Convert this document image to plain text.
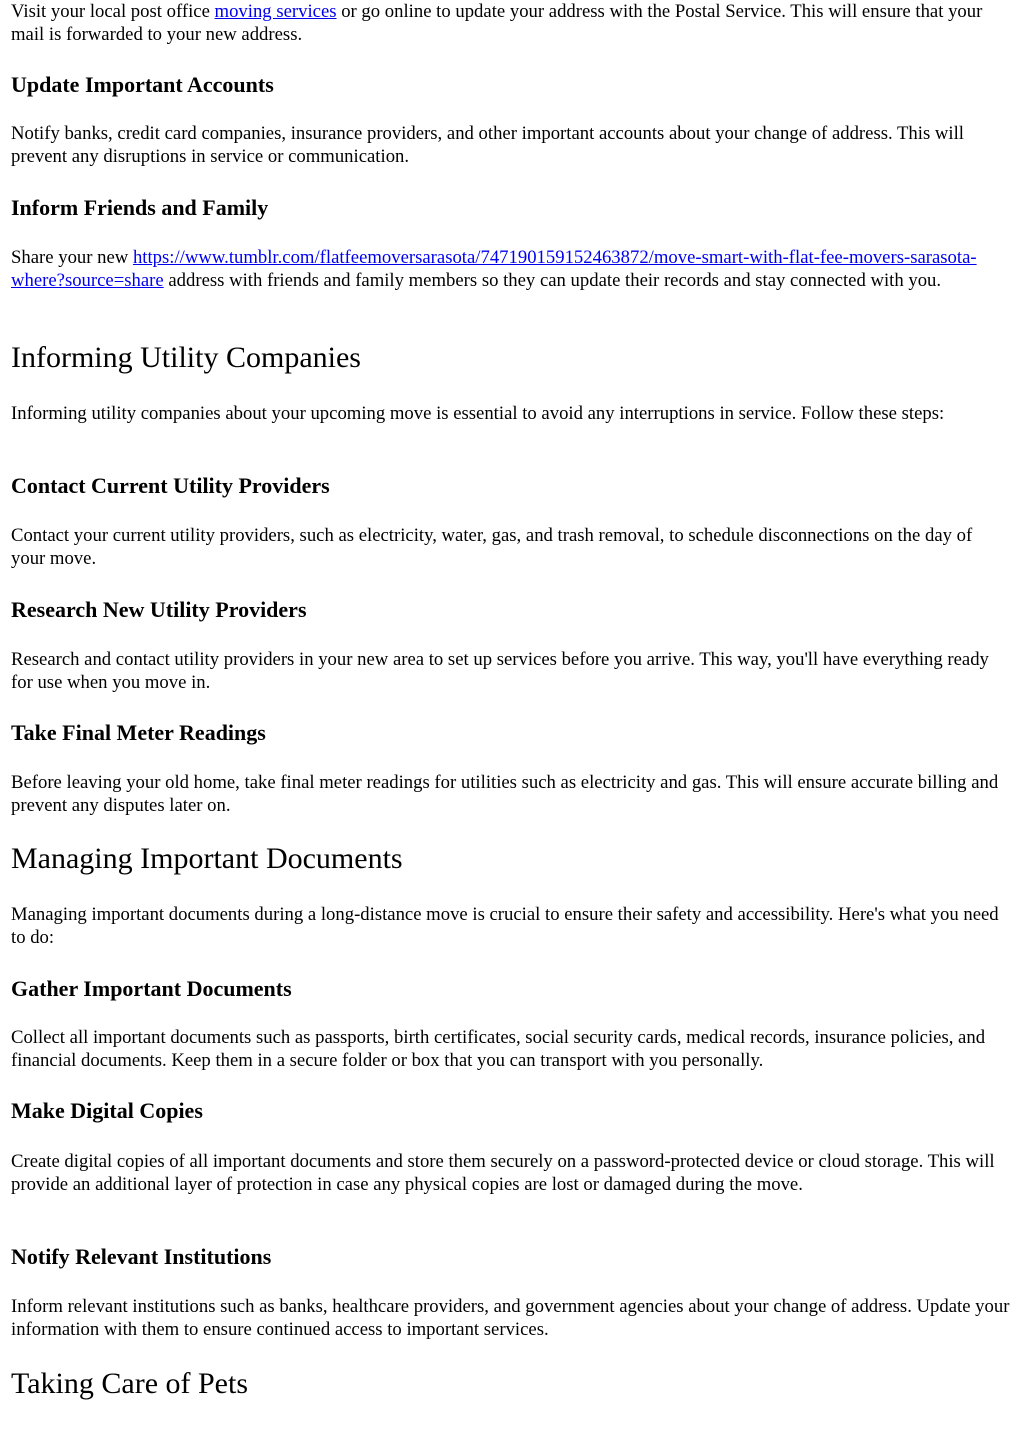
Visit your local post office moving services or go online to update your address with the Postal Service. This will ensure that your mail is forwarded to your new address.

Update Important Accounts

Notify banks, credit card companies, insurance providers, and other important accounts about your change of address. This will prevent any disruptions in service or communication.

Inform Friends and Family

Share your new https://www.tumblr.com/flatfeemoversarasota/747190159152463872/move-smart-with-flat-fee-movers-sarasota-where?source=share address with friends and family members so they can update their records and stay connected with you.

Informing Utility Companies

Informing utility companies about your upcoming move is essential to avoid any interruptions in service. Follow these steps:

Contact Current Utility Providers

Contact your current utility providers, such as electricity, water, gas, and trash removal, to schedule disconnections on the day of your move.

Research New Utility Providers

Research and contact utility providers in your new area to set up services before you arrive. This way, you'll have everything ready for use when you move in.

Take Final Meter Readings

Before leaving your old home, take final meter readings for utilities such as electricity and gas. This will ensure accurate billing and prevent any disputes later on.

Managing Important Documents

Managing important documents during a long-distance move is crucial to ensure their safety and accessibility. Here's what you need to do:

Gather Important Documents

Collect all important documents such as passports, birth certificates, social security cards, medical records, insurance policies, and financial documents. Keep them in a secure folder or box that you can transport with you personally.

Make Digital Copies

Create digital copies of all important documents and store them securely on a password-protected device or cloud storage. This will provide an additional layer of protection in case any physical copies are lost or damaged during the move.

Notify Relevant Institutions

Inform relevant institutions such as banks, healthcare providers, and government agencies about your change of address. Update your information with them to ensure continued access to important services.

Taking Care of Pets
